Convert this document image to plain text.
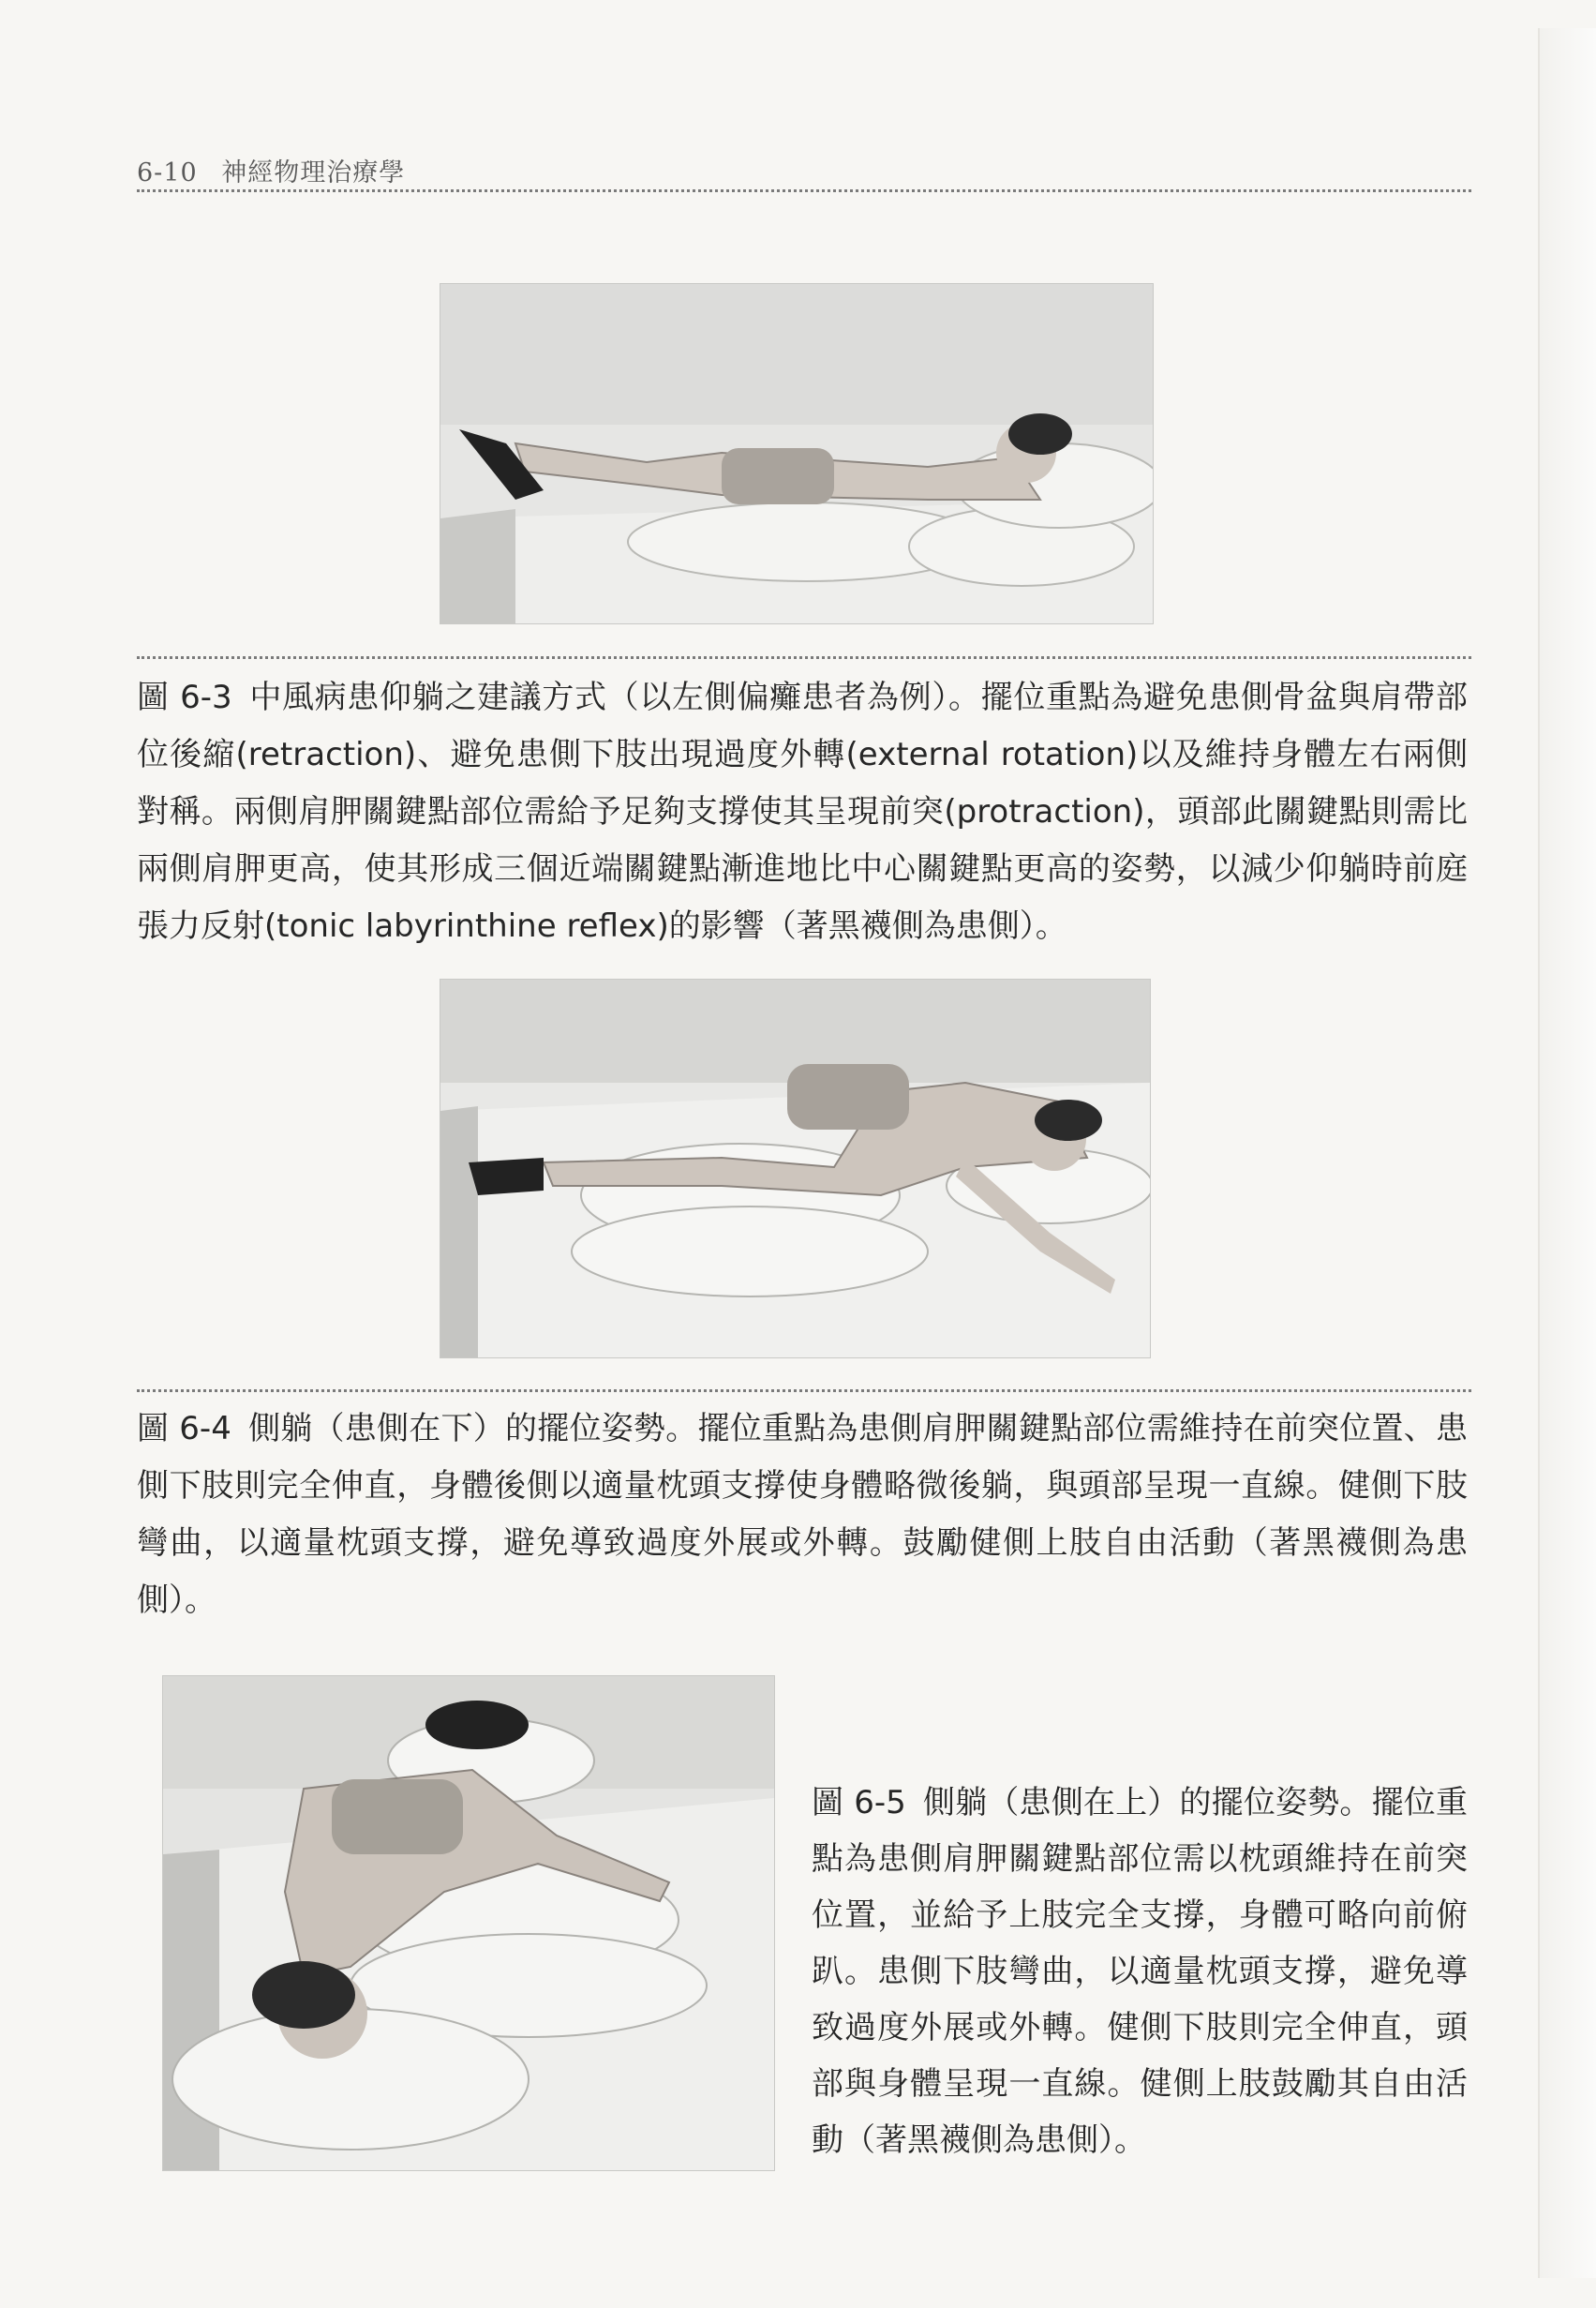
6-10 神經物理治療學

圖 6-3 中風病患仰躺之建議方式（以左側偏癱患者為例）。擺位重點為避免患側骨盆與肩帶部位後縮(retraction)、避免患側下肢出現過度外轉(external rotation)以及維持身體左右兩側對稱。兩側肩胛關鍵點部位需給予足夠支撐使其呈現前突(protraction)，頭部此關鍵點則需比兩側肩胛更高，使其形成三個近端關鍵點漸進地比中心關鍵點更高的姿勢，以減少仰躺時前庭張力反射(tonic labyrinthine reflex)的影響（著黑襪側為患側）。

圖 6-4 側躺（患側在下）的擺位姿勢。擺位重點為患側肩胛關鍵點部位需維持在前突位置、患側下肢則完全伸直，身體後側以適量枕頭支撐使身體略微後躺，與頭部呈現一直線。健側下肢彎曲，以適量枕頭支撐，避免導致過度外展或外轉。鼓勵健側上肢自由活動（著黑襪側為患側）。

圖 6-5 側躺（患側在上）的擺位姿勢。擺位重點為患側肩胛關鍵點部位需以枕頭維持在前突位置，並給予上肢完全支撐，身體可略向前俯趴。患側下肢彎曲，以適量枕頭支撐，避免導致過度外展或外轉。健側下肢則完全伸直，頭部與身體呈現一直線。健側上肢鼓勵其自由活動（著黑襪側為患側）。
